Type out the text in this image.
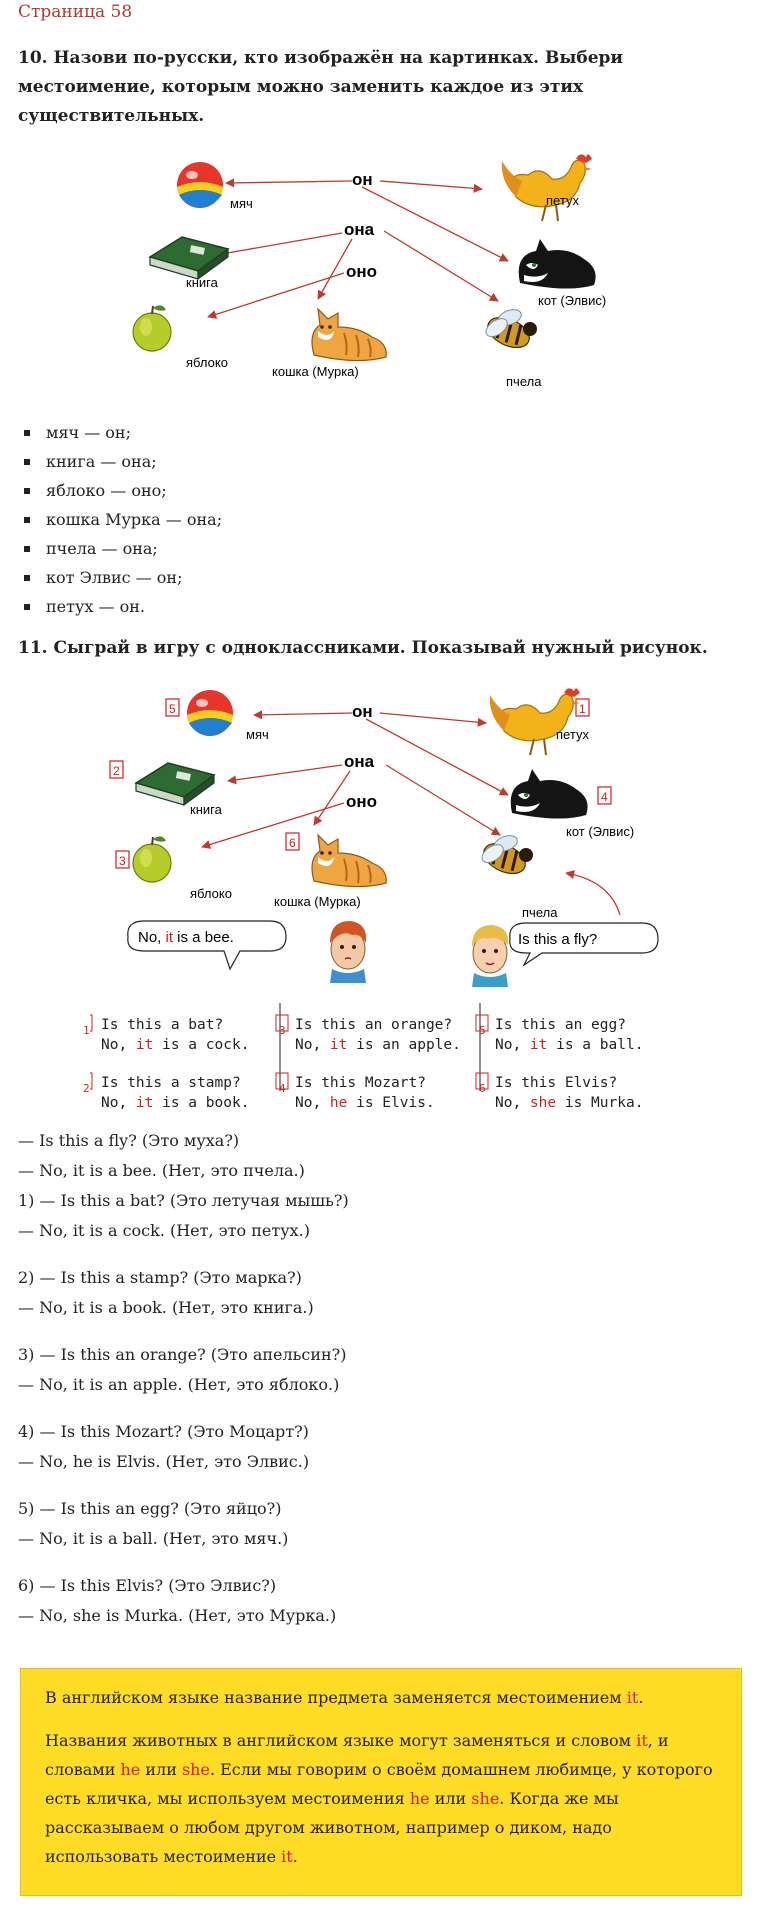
Страница 58
10. Назови по-русски, кто изображён на картинках. Выбери
местоимение, которым можно заменить каждое из этих
существительных.
он
она
оно
мяч
книга
яблоко
кошка (Мурка)
петух
кот (Элвис)
пчела
мяч — он;
книга — она;
яблоко — оно;
кошка Мурка — она;
пчела — она;
кот Элвис — он;
петух — он.
11. Сыграй в игру с одноклассниками. Показывай нужный рисунок.
5
2
3
6
1
4
он
она
оно
мяч
книга
яблоко
кошка (Мурка)
петух
кот (Элвис)
пчела
No, it is a bee.	Is this a fly?
1 Is this a bat?
No, it is a cock.
3 Is this an orange?
No, it is an apple.
5 Is this an egg?
No, it is a ball.
2 Is this a stamp?
No, it is a book.
4 Is this Mozart?
No, he is Elvis.
6 Is this Elvis?
No, she is Murka.
— Is this a fly? (Это муха?)
— No, it is a bee. (Нет, это пчела.)
1) — Is this a bat? (Это летучая мышь?)
— No, it is a cock. (Нет, это петух.)
2) — Is this a stamp? (Это марка?)
— No, it is a book. (Нет, это книга.)
3) — Is this an orange? (Это апельсин?)
— No, it is an apple. (Нет, это яблоко.)
4) — Is this Mozart? (Это Моцарт?)
— No, he is Elvis. (Нет, это Элвис.)
5) — Is this an egg? (Это яйцо?)
— No, it is a ball. (Нет, это мяч.)
6) — Is this Elvis? (Это Элвис?)
— No, she is Murka. (Нет, это Мурка.)

В английском языке название предмета заменяется местоимением it.

Названия животных в английском языке могут заменяться и словом it, и словами he или she. Если мы говорим о своём домашнем любимце, у которого есть кличка, мы используем местоимения he или she. Когда же мы рассказываем о любом другом животном, например о диком, надо использовать местоимение it.
